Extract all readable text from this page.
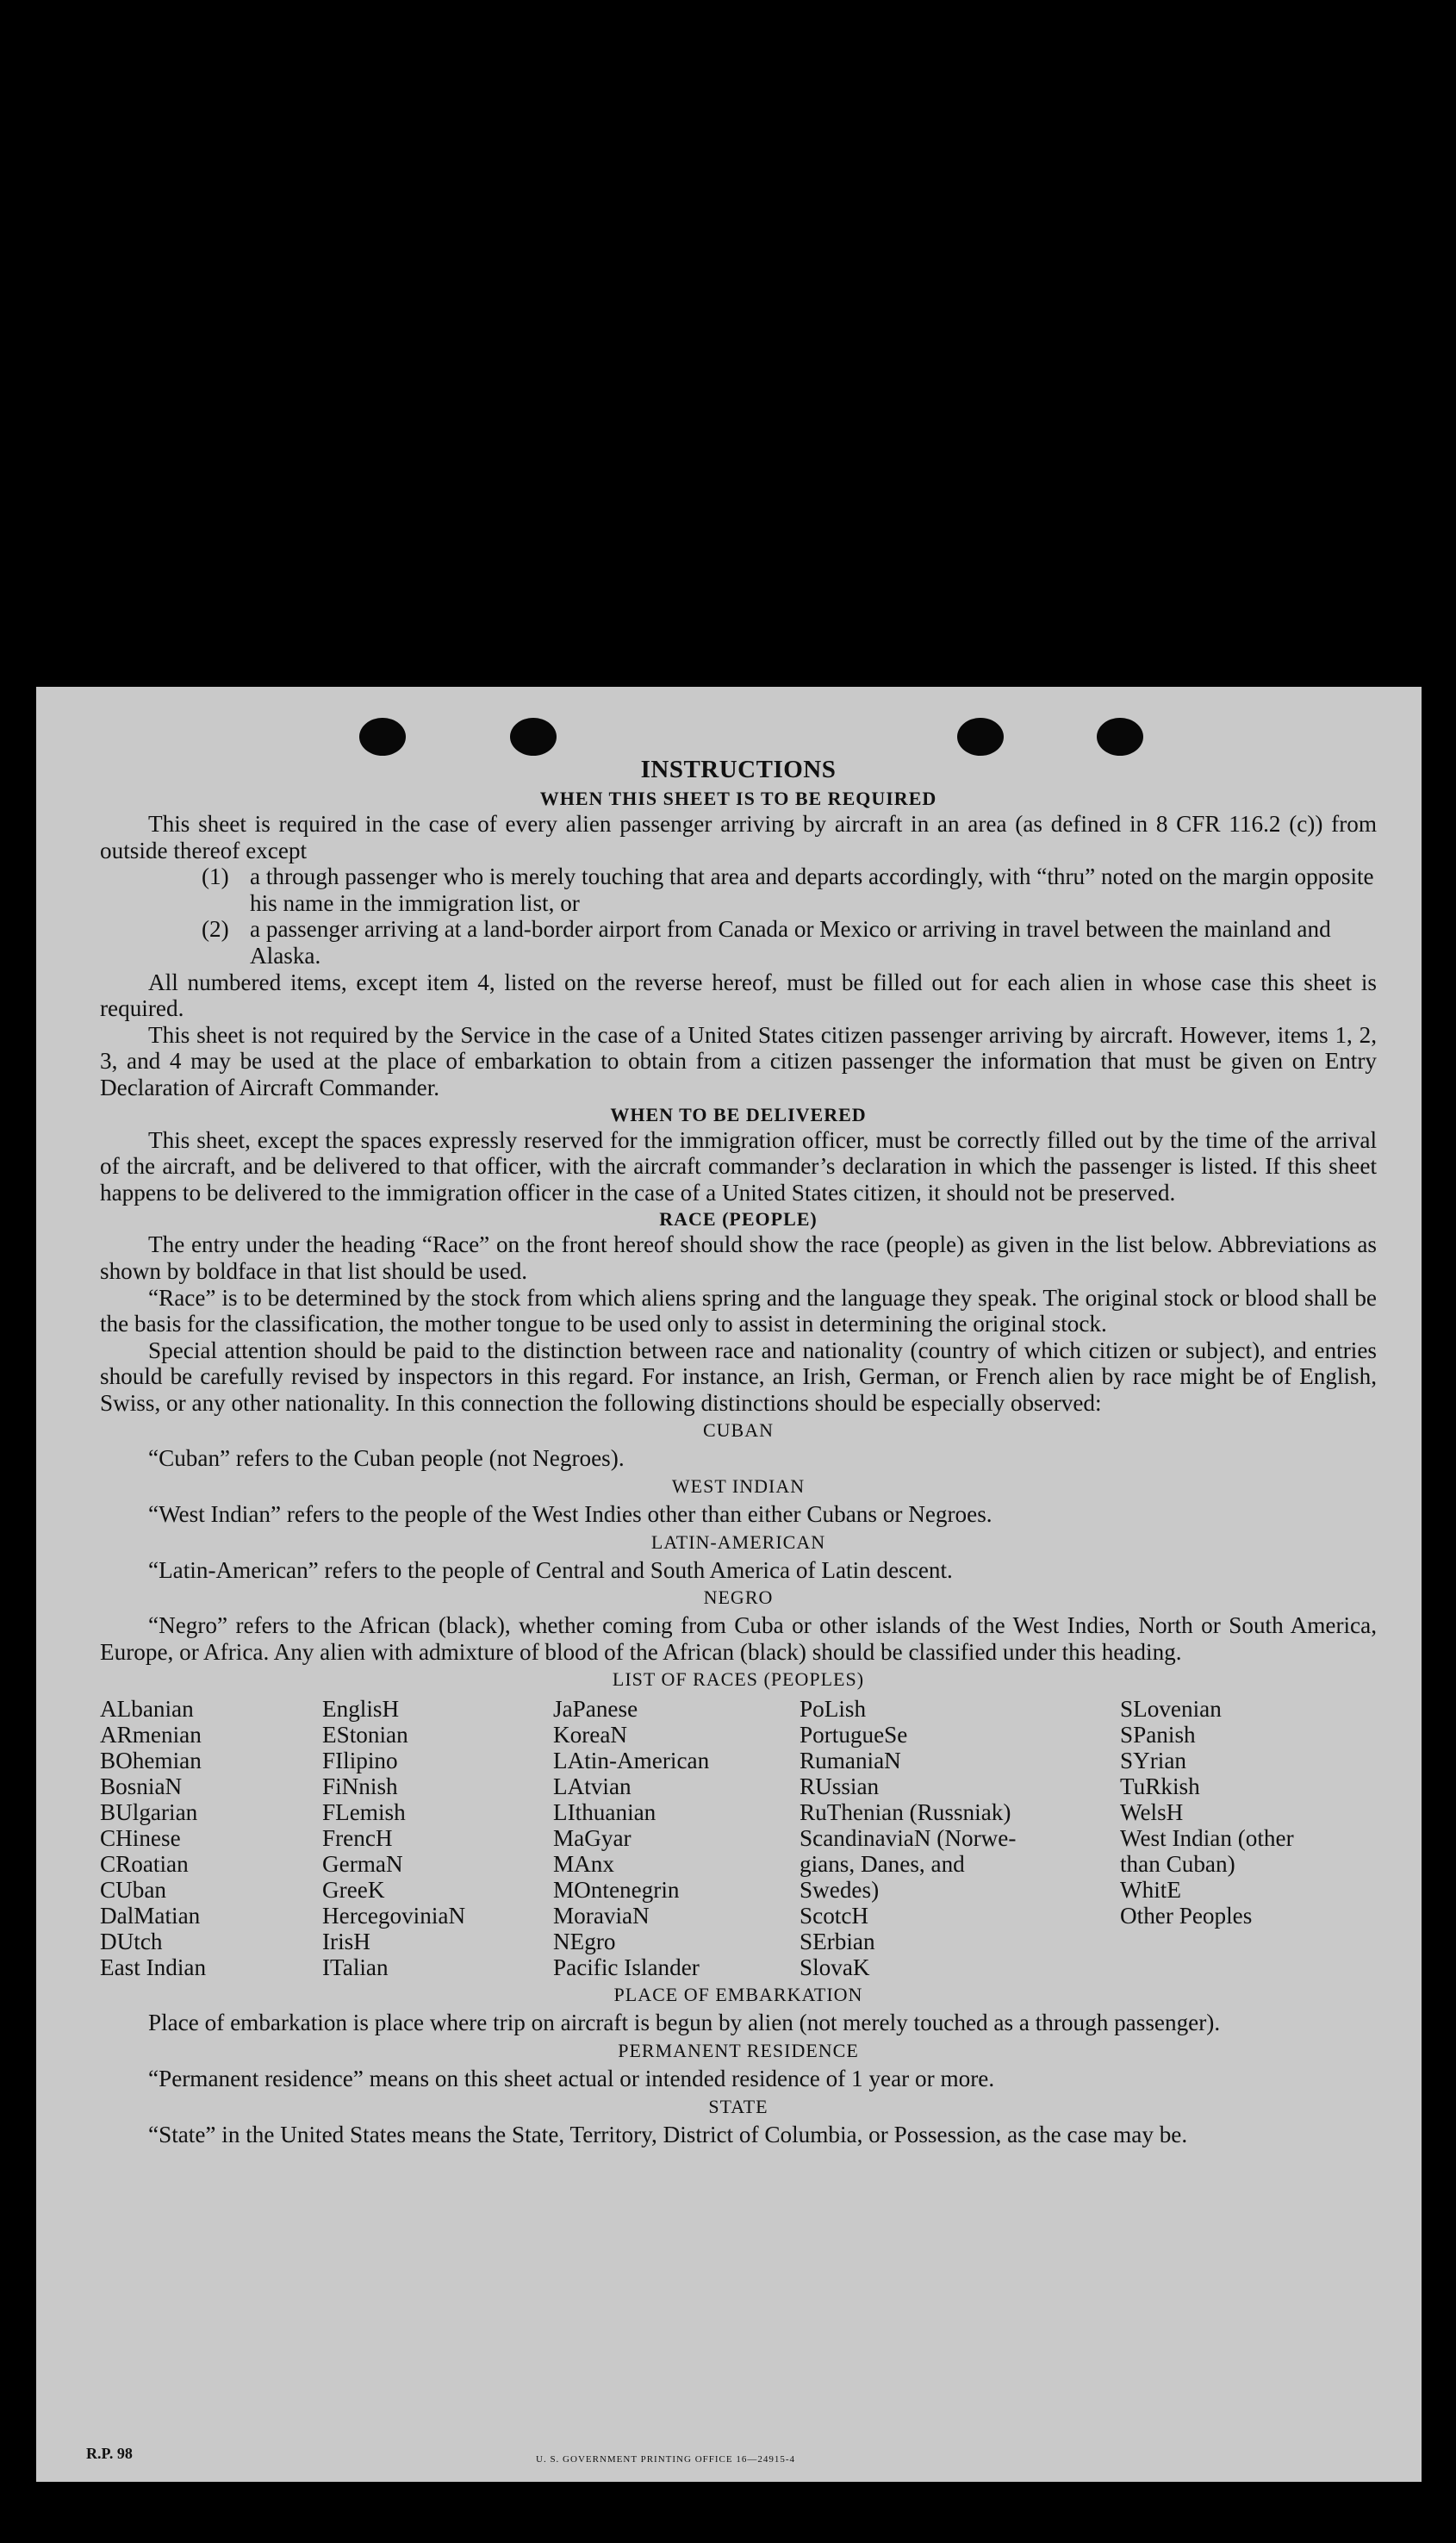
INSTRUCTIONS
WHEN THIS SHEET IS TO BE REQUIRED

This sheet is required in the case of every alien passenger arriving by aircraft in an area (as defined in 8 CFR 116.2 (c)) from outside thereof except

(1) a through passenger who is merely touching that area and departs accordingly, with “thru” noted on the margin opposite his name in the immigration list, or
(2) a passenger arriving at a land-border airport from Canada or Mexico or arriving in travel between the mainland and Alaska.

All numbered items, except item 4, listed on the reverse hereof, must be filled out for each alien in whose case this sheet is required.

This sheet is not required by the Service in the case of a United States citizen passenger arriving by aircraft. However, items 1, 2, 3, and 4 may be used at the place of embarkation to obtain from a citizen passenger the information that must be given on Entry Declaration of Aircraft Commander.

WHEN TO BE DELIVERED

This sheet, except the spaces expressly reserved for the immigration officer, must be correctly filled out by the time of the arrival of the aircraft, and be delivered to that officer, with the aircraft commander’s declaration in which the passenger is listed. If this sheet happens to be delivered to the immigration officer in the case of a United States citizen, it should not be preserved.

RACE (PEOPLE)

The entry under the heading “Race” on the front hereof should show the race (people) as given in the list below. Abbreviations as shown by boldface in that list should be used.

“Race” is to be determined by the stock from which aliens spring and the language they speak. The original stock or blood shall be the basis for the classification, the mother tongue to be used only to assist in determining the original stock.

Special attention should be paid to the distinction between race and nationality (country of which citizen or subject), and entries should be carefully revised by inspectors in this regard. For instance, an Irish, German, or French alien by race might be of English, Swiss, or any other nationality. In this connection the following distinctions should be especially observed:

CUBAN

“Cuban” refers to the Cuban people (not Negroes).

WEST INDIAN

“West Indian” refers to the people of the West Indies other than either Cubans or Negroes.

LATIN-AMERICAN

“Latin-American” refers to the people of Central and South America of Latin descent.

NEGRO

“Negro” refers to the African (black), whether coming from Cuba or other islands of the West Indies, North or South America, Europe, or Africa. Any alien with admixture of blood of the African (black) should be classified under this heading.

LIST OF RACES (PEOPLES)
ALbanian
ARmenian
BOhemian
BosniaN
BUlgarian
CHinese
CRoatian
CUban
DalMatian
DUtch
East Indian
EnglisH
EStonian
FIlipino
FiNnish
FLemish
FrencH
GermaN
GreeK
HercegoviniaN
IrisH
ITalian
JaPanese
KoreaN
LAtin-American
LAtvian
LIthuanian
MaGyar
MAnx
MOntenegrin
MoraviaN
NEgro
Pacific Islander
PoLish
PortugueSe
RumaniaN
RUssian
RuThenian (Russniak)
ScandinaviaN (Norwe-
gians, Danes, and
Swedes)
ScotcH
SErbian
SlovaK
SLovenian
SPanish
SYrian
TuRkish
WelsH
West Indian (other
than Cuban)
WhitE
Other Peoples
PLACE OF EMBARKATION

Place of embarkation is place where trip on aircraft is begun by alien (not merely touched as a through passenger).

PERMANENT RESIDENCE

“Permanent residence” means on this sheet actual or intended residence of 1 year or more.

STATE

“State” in the United States means the State, Territory, District of Columbia, or Possession, as the case may be.

R.P. 98	U. S. GOVERNMENT PRINTING OFFICE 16—24915-4
